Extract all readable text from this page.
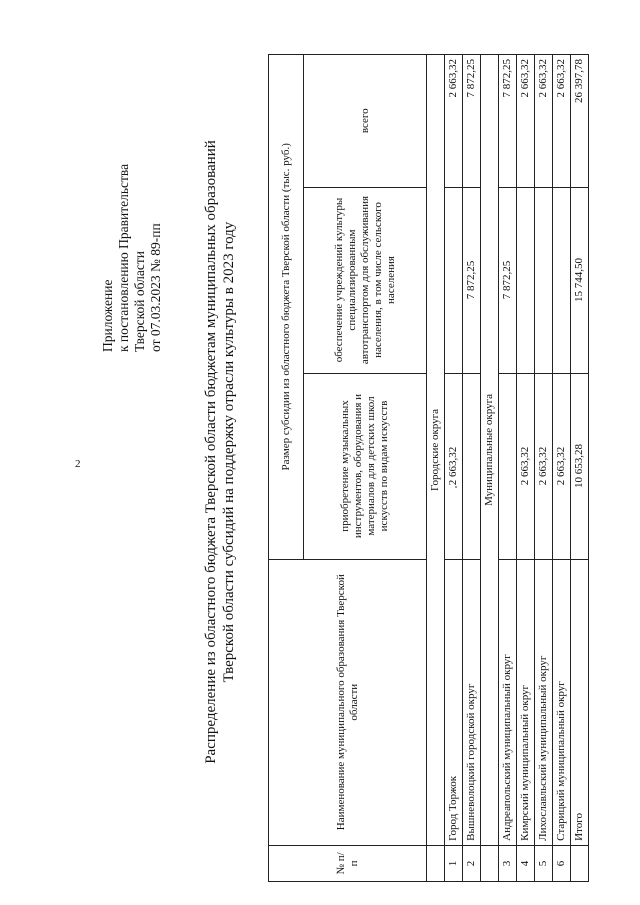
2
Приложение к постановлению Правительства Тверской области от 07.03.2023 № 89-пп	Распределение из областного бюджета Тверской области бюджетам муниципальных образований Тверской области субсидий на поддержку отрасли культуры в 2023 году
№ п/п	Наименование муниципального образования Тверской области	Размер субсидии из областного бюджета Тверской области (тыс. руб.)		
		приобретение музыкальных инструментов, оборудования и материалов для детских школ искусств по видам искусств	обеспечение учреждений культуры специализированным автотранспортом для обслуживания населения, в том числе сельского населения	всего
	Городские округа			
1	Город Торжок	2 663,32		2 663,32
2	Вышневолоцкий городской округ		7 872,25	7 872,25
	Муниципальные округа			
3	Андреапольский муниципальный округ		7 872,25	7 872,25
4	Кимрский муниципальный округ	2 663,32		2 663,32
5	Лихославльский муниципальный округ	2 663,32		2 663,32
6	Старицкий муниципальный округ	2 663,32		2 663,32
	Итого	10 653,28	15 744,50	26 397,78
